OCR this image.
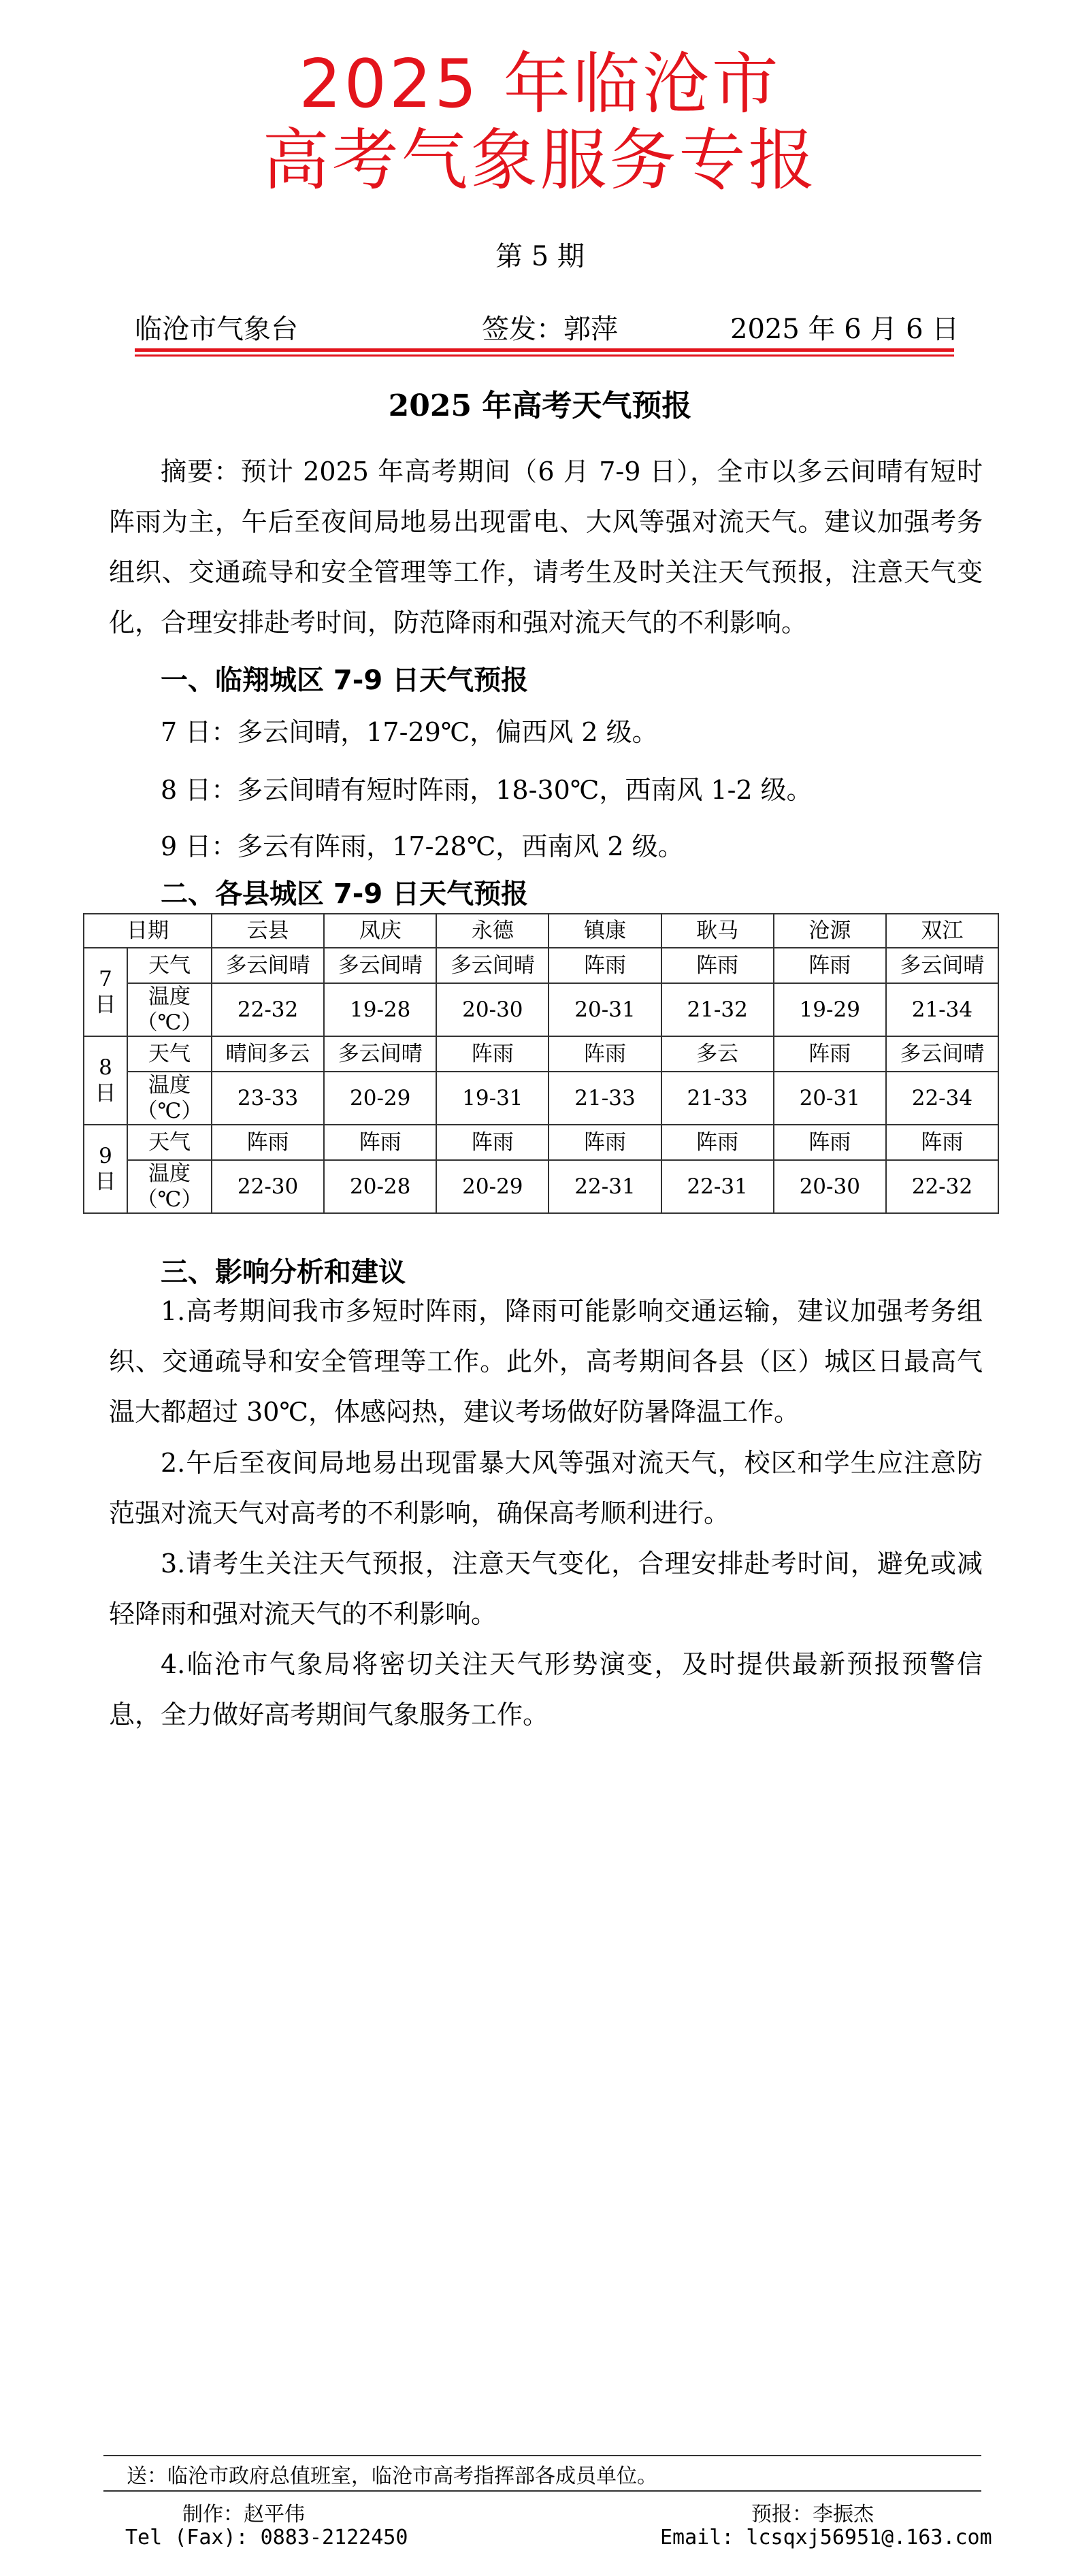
2025 年临沧市
高考气象服务专报
第 5 期
临沧市气象台	签发：郭萍	2025 年 6 月 6 日
2025 年高考天气预报
摘要：预计 2025 年高考期间（6 月 7-9 日），全市以多云间晴有短时阵雨为主，午后至夜间局地易出现雷电、大风等强对流天气。建议加强考务组织、交通疏导和安全管理等工作，请考生及时关注天气预报，注意天气变化，合理安排赴考时间，防范降雨和强对流天气的不利影响。
一、临翔城区 7-9 日天气预报
7 日：多云间晴，17-29℃，偏西风 2 级。
8 日：多云间晴有短时阵雨，18-30℃，西南风 1-2 级。
9 日：多云有阵雨，17-28℃，西南风 2 级。
二、各县城区 7-9 日天气预报
日期		云县	凤庆	永德	镇康	耿马	沧源	双江
7日	天气	多云间晴	多云间晴	多云间晴	阵雨	阵雨	阵雨	多云间晴
	温度（℃）	22-32	19-28	20-30	20-31	21-32	19-29	21-34
8日	天气	晴间多云	多云间晴	阵雨	阵雨	多云	阵雨	多云间晴
	温度（℃）	23-33	20-29	19-31	21-33	21-33	20-31	22-34
9日	天气	阵雨	阵雨	阵雨	阵雨	阵雨	阵雨	阵雨
	温度（℃）	22-30	20-28	20-29	22-31	22-31	20-30	22-32
三、影响分析和建议
1.高考期间我市多短时阵雨，降雨可能影响交通运输，建议加强考务组织、交通疏导和安全管理等工作。此外，高考期间各县（区）城区日最高气温大都超过 30℃，体感闷热，建议考场做好防暑降温工作。
2.午后至夜间局地易出现雷暴大风等强对流天气，校区和学生应注意防范强对流天气对高考的不利影响，确保高考顺利进行。
3.请考生关注天气预报，注意天气变化，合理安排赴考时间，避免或减轻降雨和强对流天气的不利影响。
4.临沧市气象局将密切关注天气形势演变，及时提供最新预报预警信息，全力做好高考期间气象服务工作。
送：临沧市政府总值班室，临沧市高考指挥部各成员单位。
制作：赵平伟	预报：李振杰
Tel (Fax): 0883-2122450	Email: lcsqxj56951@.163.com
